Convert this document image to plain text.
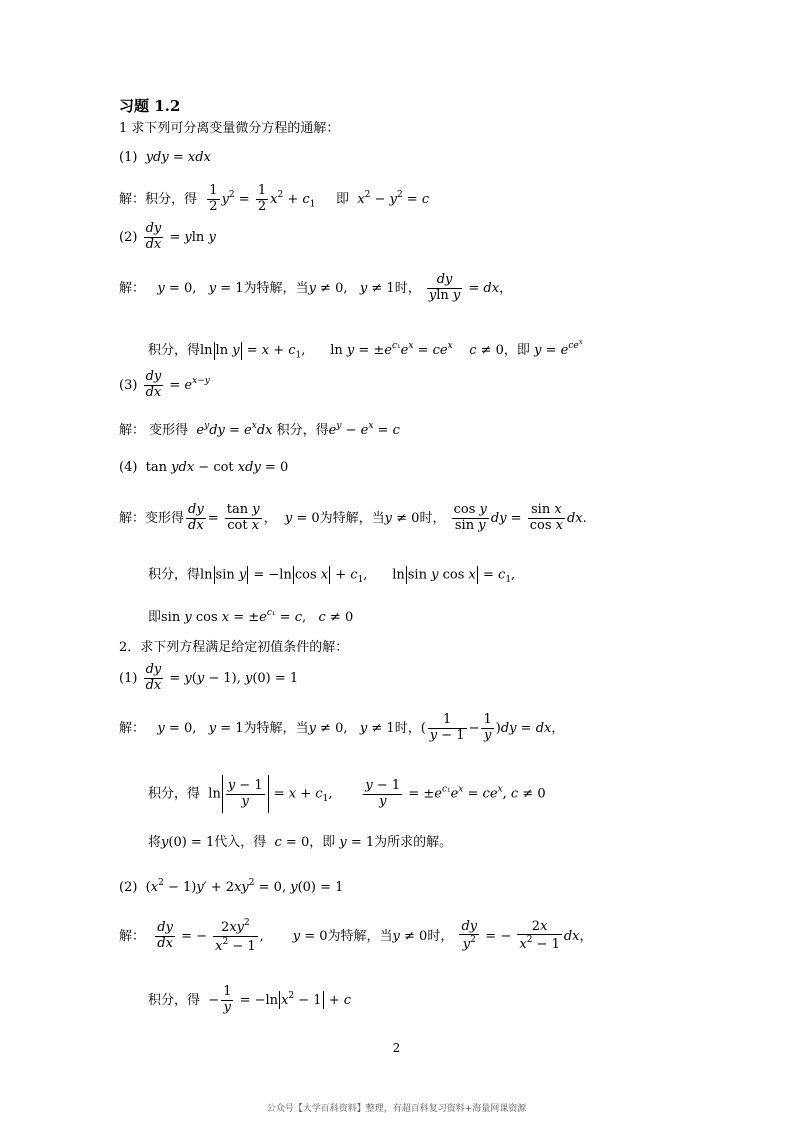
习题 1.2
1 求下列可分离变量微分方程的通解：
(1) ydy = xdx
解：积分，得 $\frac{1}{2} y^2 = \frac{1}{2} x^2 + c_1$ 即 $x^2 - y^2 = c$
$(2) \frac{dy}{dx} = yln$ y
解： y = 0,   y = 1为特解，当y ≠ 0,   y ≠ 1时， $\frac{dy}{\text{yln y}}$ = dx，
积分，得$\ln \ln y = x + c_1$,      $\ln y = \pm e^{c_1}e^x = ce^x$ c ≠ 0，即 $y = e^{ce^x}$
$(3) \frac{dy}{dx} = e^{x-y}$
解： 变形得 $e^ydy = e^xdx$ 积分，得$e^y - e^x = c$
(4)  tan ydx − cot xdy = 0
解：变形得 $\frac{dy}{dx} = \frac{\text{tan y}}{\text{cot x}}$ ，  y = 0为特解，当y ≠ 0时， $\frac{\text{cos y}}{\text{sin y}}$ dy = $\frac{\text{sin x}}{\text{cos x}}$ dx.
积分，得ln sin y = −ln $\cos x + c_1$,      ln sin y $\cos x = c_1$,
即sin y $\cos x = \pm e^{c_1} = c$,   c ≠ 0
2．求下列方程满足给定初值条件的解：
$(1) \frac{dy}{dx} = y(y - 1)$, y(0) = 1
解： y = 0,   y = 1为特解，当y ≠ 0,   y ≠ 1时，( $\frac{1}{y - 1} - \frac{1}{y} )dy$ = dx，
积分，得  $\ln \frac{y - 1}{y} = x + c_1$, $\frac{y - 1}{y} = \pm e^{c_1}e^x = ce^x$, c ≠ 0
将y(0) = 1代入，得 c = 0，即 y = 1为所求的解。
(2)  $(x^2 - 1)y' + 2xy^2 = 0$, y(0) = 1
解： $\frac{dy}{dx}$ = − $\frac{2xy^2}{x^2 - 1}$ ,       y = 0为特解，当y ≠ 0时， $\frac{dy}{y^2}$ = − $\frac{2x}{x^2 - 1}$ dx，
积分，得  − $\frac{1}{y} = -\ln$ $x^2 - 1 + c$
2
公众号【大学百科资料】整理，有超百科复习资料+海量网课资源
